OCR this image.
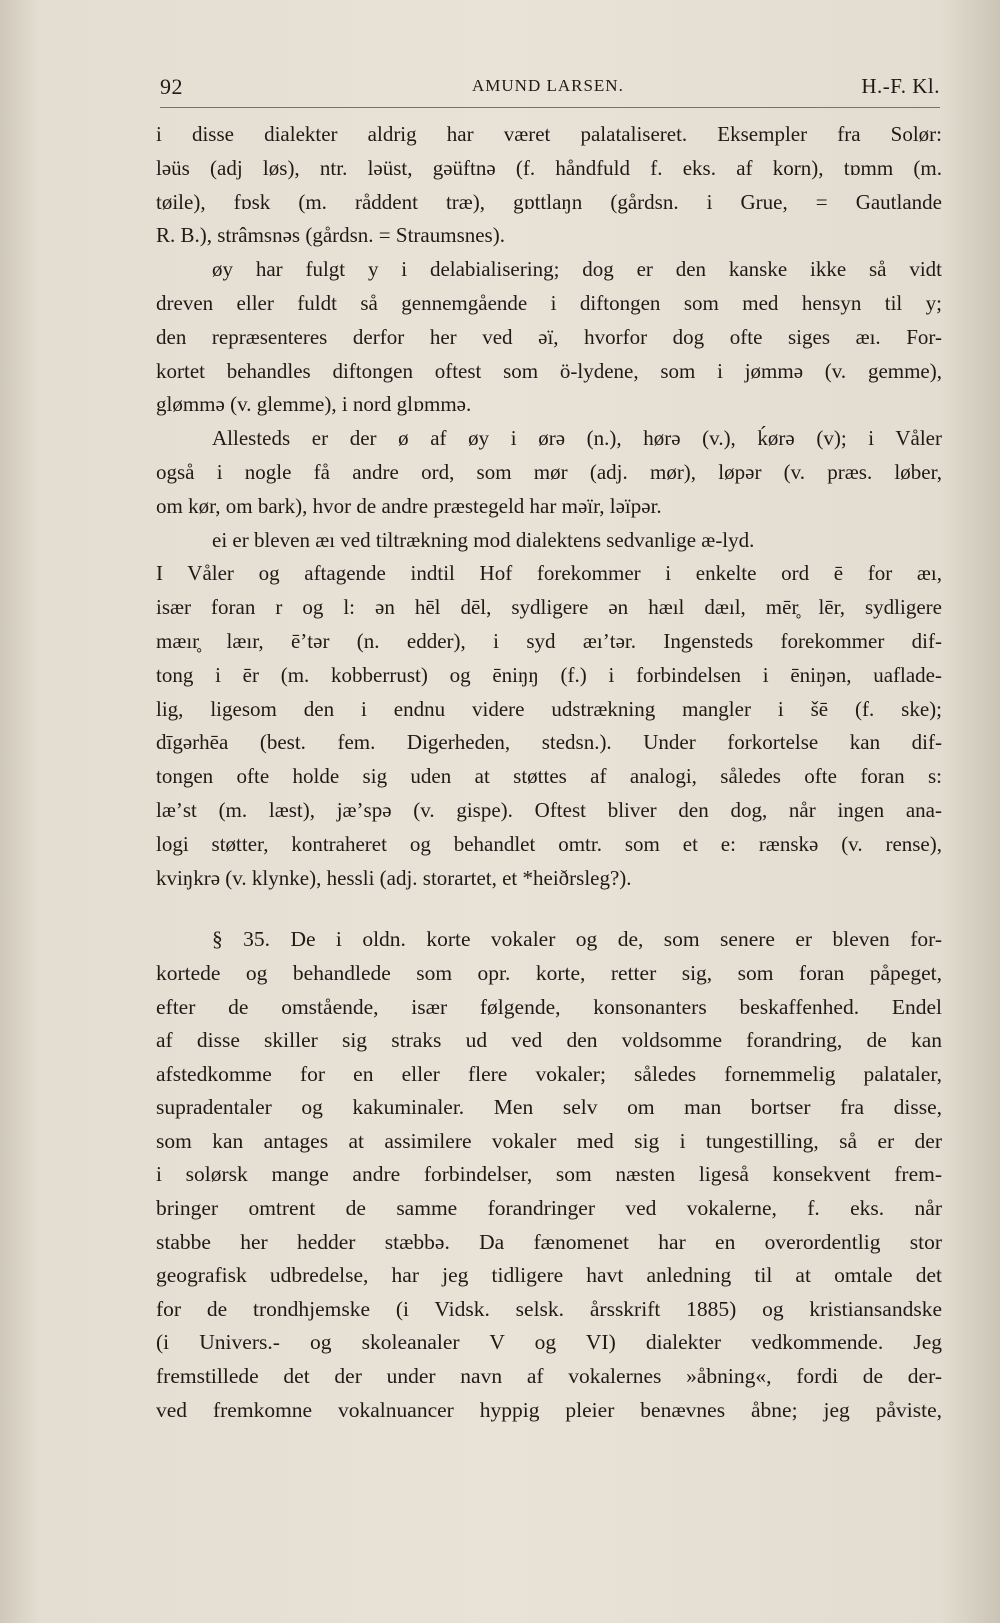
92	AMUND LARSEN.	H.-F. Kl.
i disse dialekter aldrig har været palataliseret. Eksempler fra Solør:
ləüs (adj løs), ntr. ləüst, gəüftnə (f. håndfuld f. eks. af korn), tɒmm (m.
tøile), fɒsk (m. råddent træ), gɒttlaŋn (gårdsn. i Grue, = Gautlande
R. B.), strâmsnəs (gårdsn. = Straumsnes).
øy har fulgt y i delabialisering; dog er den kanske ikke så vidt
dreven eller fuldt så gennemgående i diftongen som med hensyn til y;
den repræsenteres derfor her ved əï, hvorfor dog ofte siges æı. For-
kortet behandles diftongen oftest som ö-lydene, som i jømmə (v. gemme),
glømmə (v. glemme), i nord glɒmmə.
Allesteds er der ø af øy i ørə (n.), hørə (v.), ḱørə (v); i Våler
også i nogle få andre ord, som mør (adj. mør), løpər (v. præs. løber,
om kør, om bark), hvor de andre præstegeld har məïr, ləïpər.
ei er bleven æı ved tiltrækning mod dialektens sedvanlige æ-lyd.
I Våler og aftagende indtil Hof forekommer i enkelte ord ē for æı,
især foran r og l: ən hēl dēl, sydligere ən hæıl dæıl, mēr̥ lēr, sydligere
mæır̥ læır, ēʼtər (n. edder), i syd æıʼtər. Ingensteds forekommer dif-
tong i ēr (m. kobberrust) og ēniŋŋ (f.) i forbindelsen i ēniŋən, uaflade-
lig, ligesom den i endnu videre udstrækning mangler i šē (f. ske);
dīgərhēa (best. fem. Digerheden, stedsn.). Under forkortelse kan dif-
tongen ofte holde sig uden at støttes af analogi, således ofte foran s:
læʼst (m. læst), jæʼspə (v. gispe). Oftest bliver den dog, når ingen ana-
logi støtter, kontraheret og behandlet omtr. som et e: rænskə (v. rense),
kviŋkrə (v. klynke), hessli (adj. storartet, et *heiðrsleg?).
§ 35. De i oldn. korte vokaler og de, som senere er bleven for-
kortede og behandlede som opr. korte, retter sig, som foran påpeget,
efter de omstående, især følgende, konsonanters beskaffenhed. Endel
af disse skiller sig straks ud ved den voldsomme forandring, de kan
afstedkomme for en eller flere vokaler; således fornemmelig palataler,
supradentaler og kakuminaler. Men selv om man bortser fra disse,
som kan antages at assimilere vokaler med sig i tungestilling, så er der
i solørsk mange andre forbindelser, som næsten ligeså konsekvent frem-
bringer omtrent de samme forandringer ved vokalerne, f. eks. når
stabbe her hedder stæbbə. Da fænomenet har en overordentlig stor
geografisk udbredelse, har jeg tidligere havt anledning til at omtale det
for de trondhjemske (i Vidsk. selsk. årsskrift 1885) og kristiansandske
(i Univers.- og skoleanaler V og VI) dialekter vedkommende. Jeg
fremstillede det der under navn af vokalernes »åbning«, fordi de der-
ved fremkomne vokalnuancer hyppig pleier benævnes åbne; jeg påviste,
